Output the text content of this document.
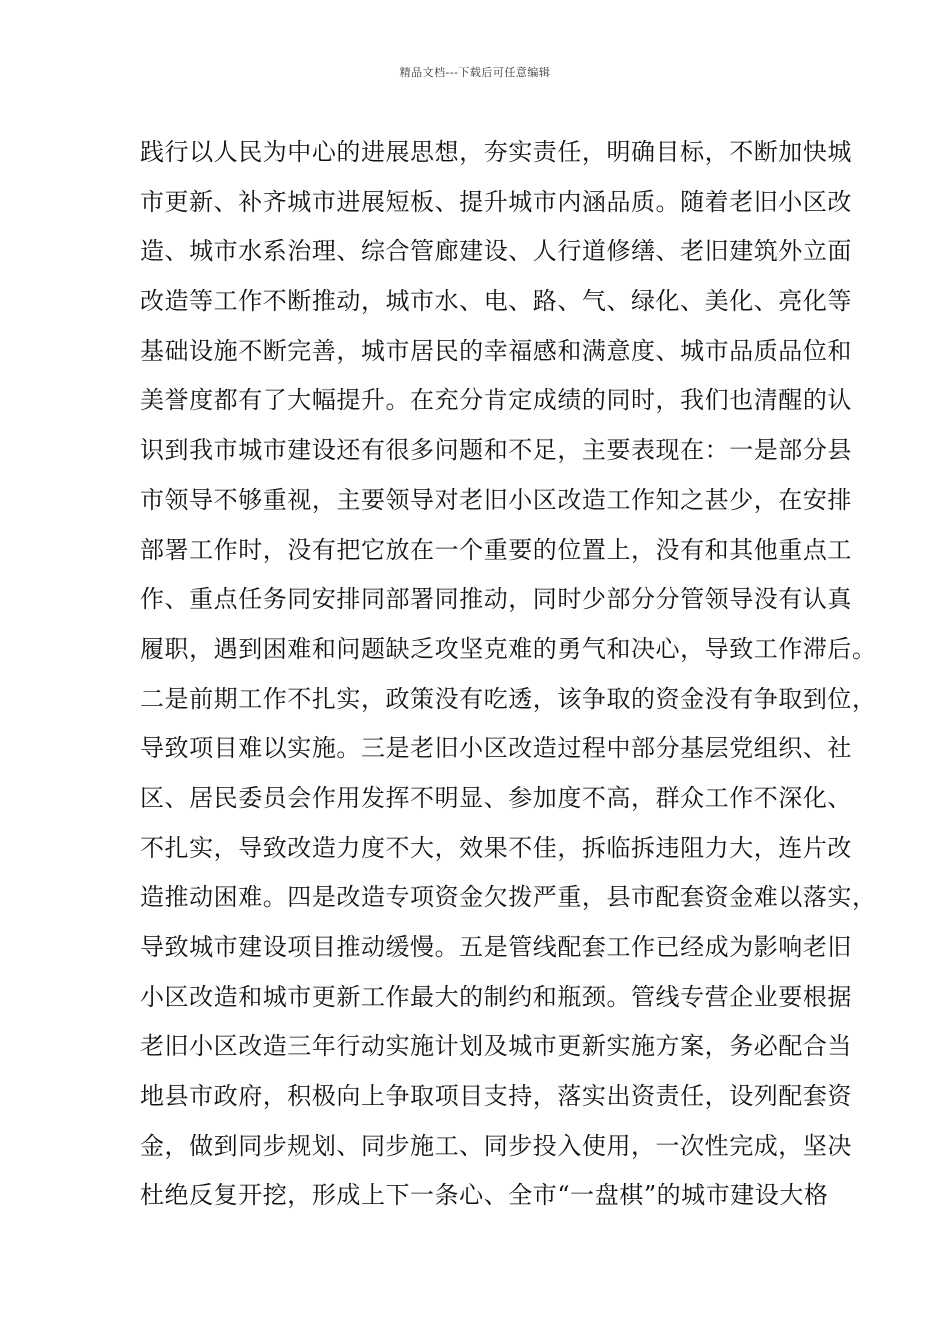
精品文档---下载后可任意编辑
践行以人民为中心的进展思想，夯实责任，明确目标，不断加快城
市更新、补齐城市进展短板、提升城市内涵品质。随着老旧小区改
造、城市水系治理、综合管廊建设、人行道修缮、老旧建筑外立面
改造等工作不断推动，城市水、电、路、气、绿化、美化、亮化等
基础设施不断完善，城市居民的幸福感和满意度、城市品质品位和
美誉度都有了大幅提升。在充分肯定成绩的同时，我们也清醒的认
识到我市城市建设还有很多问题和不足，主要表现在：一是部分县
市领导不够重视，主要领导对老旧小区改造工作知之甚少，在安排
部署工作时，没有把它放在一个重要的位置上，没有和其他重点工
作、重点任务同安排同部署同推动，同时少部分分管领导没有认真
履职，遇到困难和问题缺乏攻坚克难的勇气和决心，导致工作滞后。
二是前期工作不扎实，政策没有吃透，该争取的资金没有争取到位，
导致项目难以实施。三是老旧小区改造过程中部分基层党组织、社
区、居民委员会作用发挥不明显、参加度不高，群众工作不深化、
不扎实，导致改造力度不大，效果不佳，拆临拆违阻力大，连片改
造推动困难。四是改造专项资金欠拨严重，县市配套资金难以落实，
导致城市建设项目推动缓慢。五是管线配套工作已经成为影响老旧
小区改造和城市更新工作最大的制约和瓶颈。管线专营企业要根据
老旧小区改造三年行动实施计划及城市更新实施方案，务必配合当
地县市政府，积极向上争取项目支持，落实出资责任，设列配套资
金，做到同步规划、同步施工、同步投入使用，一次性完成，坚决
杜绝反复开挖，形成上下一条心、全市“一盘棋”的城市建设大格
